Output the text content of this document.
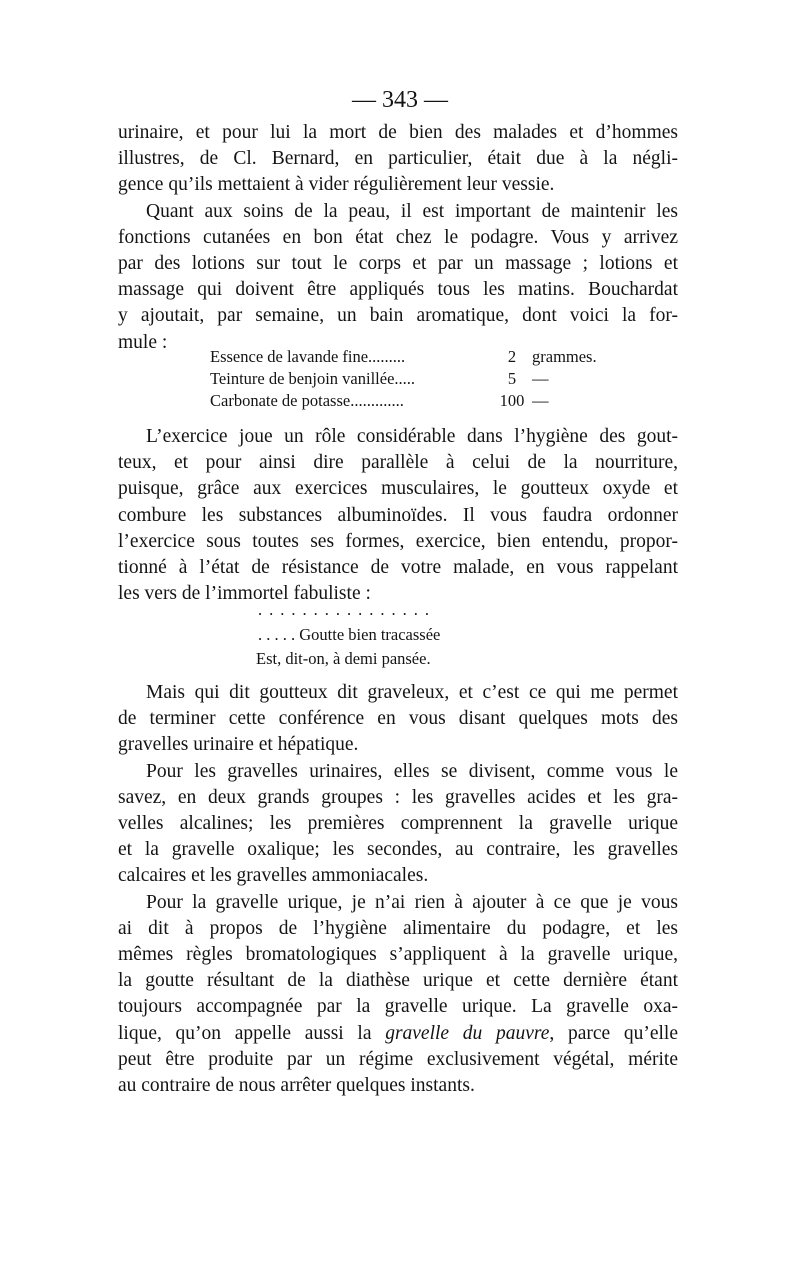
— 343 —
urinaire, et pour lui la mort de bien des malades et d’hommes
illustres, de Cl. Bernard, en particulier, était due à la négli-
gence qu’ils mettaient à vider régulièrement leur vessie.
Quant aux soins de la peau, il est important de maintenir les
fonctions cutanées en bon état chez le podagre. Vous y arrivez
par des lotions sur tout le corps et par un massage ; lotions et
massage qui doivent être appliqués tous les matins. Bouchardat
y ajoutait, par semaine, un bain aromatique, dont voici la for-
mule :
Essence de lavande fine.........	2 grammes.
Teinture de benjoin vanillée.....	5 —
Carbonate de potasse.............	100 —
L’exercice joue un rôle considérable dans l’hygiène des gout-
teux, et pour ainsi dire parallèle à celui de la nourriture,
puisque, grâce aux exercices musculaires, le goutteux oxyde et
combure les substances albuminoïdes. Il vous faudra ordonner
l’exercice sous toutes ses formes, exercice, bien entendu, propor-
tionné à l’état de résistance de votre malade, en vous rappelant
les vers de l’immortel fabuliste :
................
. . . . . Goutte bien tracassée
Est, dit-on, à demi pansée.
Mais qui dit goutteux dit graveleux, et c’est ce qui me permet
de terminer cette conférence en vous disant quelques mots des
gravelles urinaire et hépatique.
Pour les gravelles urinaires, elles se divisent, comme vous le
savez, en deux grands groupes : les gravelles acides et les gra-
velles alcalines; les premières comprennent la gravelle urique
et la gravelle oxalique; les secondes, au contraire, les gravelles
calcaires et les gravelles ammoniacales.
Pour la gravelle urique, je n’ai rien à ajouter à ce que je vous
ai dit à propos de l’hygiène alimentaire du podagre, et les
mêmes règles bromatologiques s’appliquent à la gravelle urique,
la goutte résultant de la diathèse urique et cette dernière étant
toujours accompagnée par la gravelle urique. La gravelle oxa-
lique, qu’on appelle aussi la gravelle du pauvre, parce qu’elle
peut être produite par un régime exclusivement végétal, mérite
au contraire de nous arrêter quelques instants.
